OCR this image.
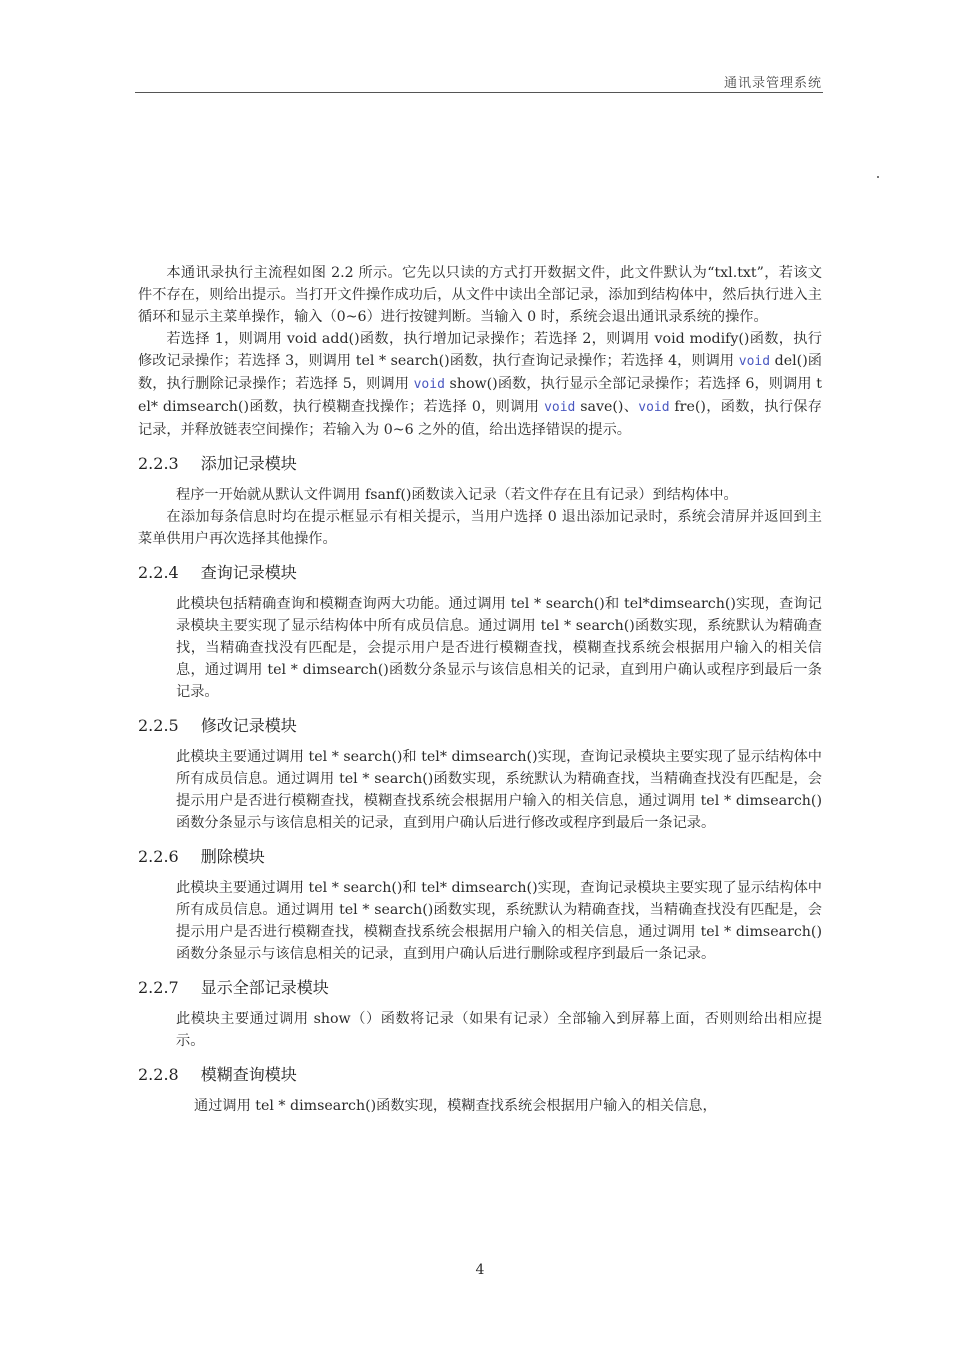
通讯录管理系统

本通讯录执行主流程如图 2.2 所示。它先以只读的方式打开数据文件，此文件默认为“txl.txt”，若该文件不存在，则给出提示。当打开文件操作成功后，从文件中读出全部记录，添加到结构体中，然后执行进入主循环和显示主菜单操作，输入（0~6）进行按键判断。当输入 0 时，系统会退出通讯录系统的操作。

若选择 1，则调用 void add()函数，执行增加记录操作；若选择 2，则调用 void modify()函数，执行修改记录操作；若选择 3，则调用 tel * search()函数，执行查询记录操作；若选择 4，则调用 void del()函数，执行删除记录操作；若选择 5，则调用 void show()函数，执行显示全部记录操作；若选择 6，则调用 tel* dimsearch()函数，执行模糊查找操作；若选择 0，则调用 void save()、void fre()，函数，执行保存记录，并释放链表空间操作；若输入为 0~6 之外的值，给出选择错误的提示。

2.2.3 添加记录模块

程序一开始就从默认文件调用 fsanf()函数读入记录（若文件存在且有记录）到结构体中。

在添加每条信息时均在提示框显示有相关提示，当用户选择 0 退出添加记录时，系统会清屏并返回到主菜单供用户再次选择其他操作。

2.2.4 查询记录模块

此模块包括精确查询和模糊查询两大功能。通过调用 tel * search()和 tel*dimsearch()实现，查询记录模块主要实现了显示结构体中所有成员信息。通过调用 tel * search()函数实现，系统默认为精确查找，当精确查找没有匹配是，会提示用户是否进行模糊查找，模糊查找系统会根据用户输入的相关信息，通过调用 tel * dimsearch()函数分条显示与该信息相关的记录，直到用户确认或程序到最后一条记录。

2.2.5 修改记录模块

此模块主要通过调用 tel * search()和 tel* dimsearch()实现，查询记录模块主要实现了显示结构体中所有成员信息。通过调用 tel * search()函数实现，系统默认为精确查找，当精确查找没有匹配是，会提示用户是否进行模糊查找，模糊查找系统会根据用户输入的相关信息，通过调用 tel * dimsearch()函数分条显示与该信息相关的记录，直到用户确认后进行修改或程序到最后一条记录。

2.2.6 删除模块

此模块主要通过调用 tel * search()和 tel* dimsearch()实现，查询记录模块主要实现了显示结构体中所有成员信息。通过调用 tel * search()函数实现，系统默认为精确查找，当精确查找没有匹配是，会提示用户是否进行模糊查找，模糊查找系统会根据用户输入的相关信息，通过调用 tel * dimsearch()函数分条显示与该信息相关的记录，直到用户确认后进行删除或程序到最后一条记录。

2.2.7 显示全部记录模块

此模块主要通过调用 show（）函数将记录（如果有记录）全部输入到屏幕上面，否则则给出相应提示。

2.2.8 模糊查询模块

通过调用 tel * dimsearch()函数实现，模糊查找系统会根据用户输入的相关信息，

4
